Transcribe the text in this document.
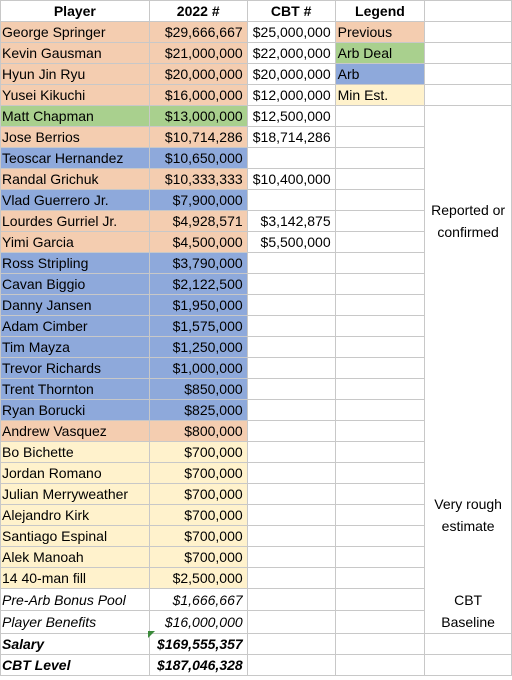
Player	2022 #	CBT #	Legend	
George Springer	$29,666,667	$25,000,000	Previous	
Kevin Gausman	$21,000,000	$22,000,000	Arb Deal	
Hyun Jin Ryu	$20,000,000	$20,000,000	Arb	
Yusei Kikuchi	$16,000,000	$12,000,000	Min Est.	
Matt Chapman	$13,000,000	$12,500,000		
Jose Berrios	$10,714,286	$18,714,286		
Teoscar Hernandez	$10,650,000			
Randal Grichuk	$10,333,333	$10,400,000		
Vlad Guerrero Jr.	$7,900,000			Reported or confirmed
Lourdes Gurriel Jr.	$4,928,571	$3,142,875		
Yimi Garcia	$4,500,000	$5,500,000		
Ross Stripling	$3,790,000			
Cavan Biggio	$2,122,500			
Danny Jansen	$1,950,000			
Adam Cimber	$1,575,000			
Tim Mayza	$1,250,000			
Trevor Richards	$1,000,000			
Trent Thornton	$850,000			
Ryan Borucki	$825,000			
Andrew Vasquez	$800,000			
Bo Bichette	$700,000			
Jordan Romano	$700,000			
Julian Merryweather	$700,000			Very rough estimate
Alejandro Kirk	$700,000			
Santiago Espinal	$700,000			
Alek Manoah	$700,000			
14 40-man fill	$2,500,000			
Pre-Arb Bonus Pool	$1,666,667			CBT Baseline
Player Benefits	$16,000,000			
Salary	$169,555,357			
CBT Level	$187,046,328			
